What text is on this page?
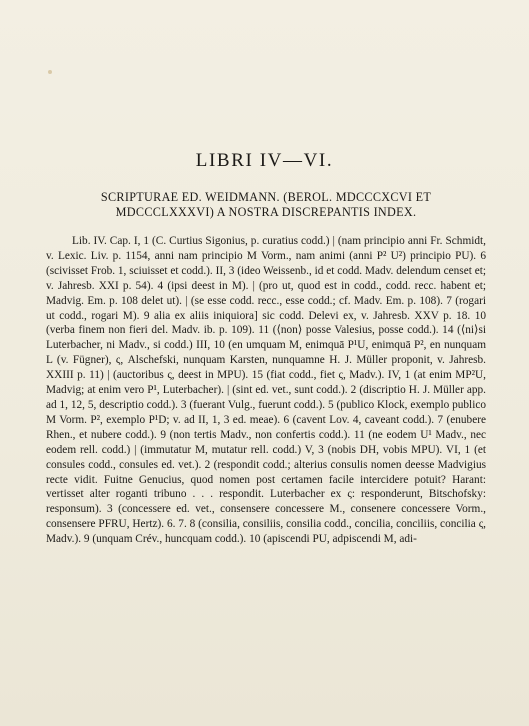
LIBRI IV—VI.
SCRIPTURAE ED. WEIDMANN. (BEROL. MDCCCXCVI ET
MDCCCLXXXVI) A NOSTRA DISCREPANTIS INDEX.

Lib. IV. Cap. I, 1 (C. Curtius Sigonius, p. curatius codd.) | (nam principio anni Fr. Schmidt, v. Lexic. Liv. p. 1154, anni nam principio M Vorm., nam animi (anni P² U²) principio PU). 6 (scivisset Frob. 1, sciuisset et codd.). II, 3 (ideo Weissenb., id et codd. Madv. delendum censet et; v. Jahresb. XXI p. 54). 4 (ipsi deest in M). | (pro ut, quod est in codd., codd. recc. habent et; Madvig. Em. p. 108 delet ut). | (se esse codd. recc., esse codd.; cf. Madv. Em. p. 108). 7 (rogari ut codd., rogari M). 9 alia ex aliis iniquiora] sic codd. Delevi ex, v. Jahresb. XXV p. 18. 10 (verba finem non fieri del. Madv. ib. p. 109). 11 (⟨non⟩ posse Valesius, posse codd.). 14 (⟨ni⟩si Luterbacher, ni Madv., si codd.) III, 10 (en umquam M, enimquā P¹U, enimquā P², en nunquam L (v. Fügner), ς, Alschefski, nunquam Karsten, nunquamne H. J. Müller proponit, v. Jahresb. XXIII p. 11) | (auctoribus ς, deest in MPU). 15 (fiat codd., fiet ς, Madv.). IV, 1 (at enim MP²U, Madvig; at enim vero P¹, Luterbacher). | (sint ed. vet., sunt codd.). 2 (discriptio H. J. Müller app. ad 1, 12, 5, descriptio codd.). 3 (fuerant Vulg., fuerunt codd.). 5 (publico Klock, exemplo publico M Vorm. P², exemplo P¹D; v. ad II, 1, 3 ed. meae). 6 (cavent Lov. 4, caveant codd.). 7 (enubere Rhen., et nubere codd.). 9 (non tertis Madv., non confertis codd.). 11 (ne eodem U¹ Madv., nec eodem rell. codd.) | (immutatur M, mutatur rell. codd.) V, 3 (nobis DH, vobis MPU). VI, 1 (et consules codd., consules ed. vet.). 2 (respondit codd.; alterius consulis nomen deesse Madvigius recte vidit. Fuitne Genucius, quod nomen post certamen facile intercidere potuit? Harant: vertisset alter roganti tribuno . . . respondit. Luterbacher ex ς: responderunt, Bitschofsky: responsum). 3 (concessere ed. vet., consensere concessere M., consenere concessere Vorm., consensere PFRU, Hertz). 6. 7. 8 (consilia, consiliis, consilia codd., concilia, conciliis, concilia ς, Madv.). 9 (unquam Crév., huncquam codd.). 10 (apiscendi PU, adpiscendi M, adi-
